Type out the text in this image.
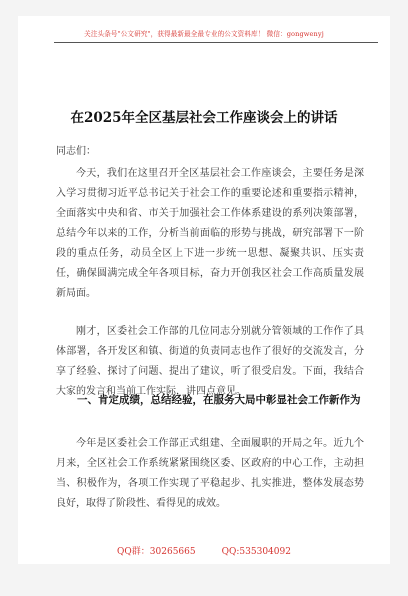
关注头条号"公文研究"，获得最新最全最专业的公文资料库！ 微信：gongwenyj
在2025年全区基层社会工作座谈会上的讲话
同志们：
今天，我们在这里召开全区基层社会工作座谈会，主要任务是深入学习贯彻习近平总书记关于社会工作的重要论述和重要指示精神，全面落实中央和省、市关于加强社会工作体系建设的系列决策部署，总结今年以来的工作，分析当前面临的形势与挑战，研究部署下一阶段的重点任务，动员全区上下进一步统一思想、凝聚共识、压实责任，确保圆满完成全年各项目标，奋力开创我区社会工作高质量发展新局面。
刚才，区委社会工作部的几位同志分别就分管领域的工作作了具体部署，各开发区和镇、街道的负责同志也作了很好的交流发言，分享了经验、探讨了问题、提出了建议，听了很受启发。下面，我结合大家的发言和当前工作实际，讲四点意见。
一、肯定成绩，总结经验，在服务大局中彰显社会工作新作为
今年是区委社会工作部正式组建、全面履职的开局之年。近九个月来，全区社会工作系统紧紧围绕区委、区政府的中心工作，主动担当、积极作为，各项工作实现了平稳起步、扎实推进，整体发展态势良好，取得了阶段性、看得见的成效。
QQ群：30265665	QQ:535304092
